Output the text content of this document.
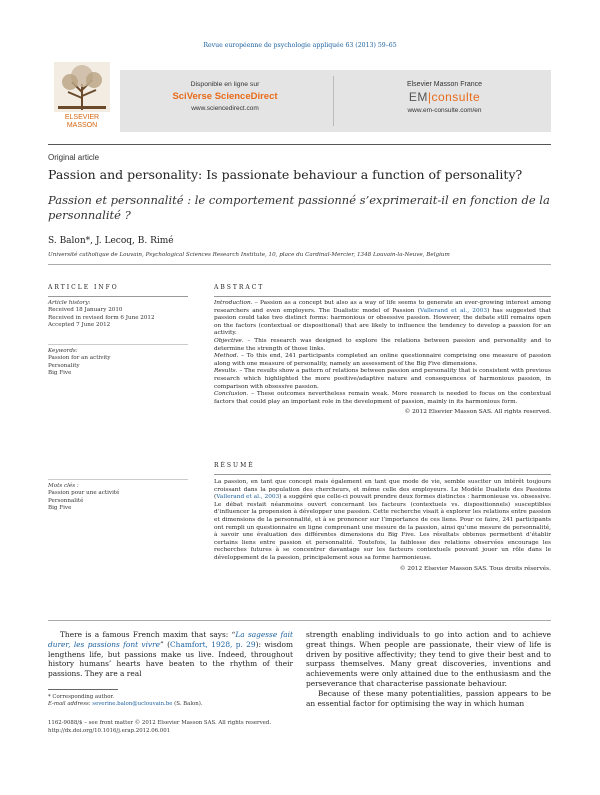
Revue européenne de psychologie appliquée 63 (2013) 59–65
ELSEVIER
MASSON
Disponible en ligne sur
SciVerse ScienceDirect
www.sciencedirect.com
Elsevier Masson France
EM|consulte
www.em-consulte.com/en
Original article
Passion and personality: Is passionate behaviour a function of personality?
Passion et personnalité : le comportement passionné s’exprimerait-il en fonction de la personnalité ?
S. Balon*, J. Lecoq, B. Rimé
Université catholique de Louvain, Psychological Sciences Research Institute, 10, place du Cardinal-Mercier, 1348 Louvain-la-Neuve, Belgium
ARTICLE INFO
Article history:
Received 18 January 2010
Received in revised form 6 June 2012
Accepted 7 June 2012
Keywords:
Passion for an activity
Personality
Big Five
Mots clés :
Passion pour une activité
Personnalité
Big Five
ABSTRACT
Introduction. – Passion as a concept but also as a way of life seems to generate an ever-growing interest among researchers and even employers. The Dualistic model of Passion (Vallerand et al., 2003) has suggested that passion could take two distinct forms: harmonious or obsessive passion. However, the debate still remains open on the factors (contextual or dispositional) that are likely to influence the tendency to develop a passion for an activity.
Objective. – This research was designed to explore the relations between passion and personality and to determine the strength of those links.
Method. – To this end, 241 participants completed an online questionnaire comprising one measure of passion along with one measure of personality, namely an assessment of the Big Five dimensions.
Results. – The results show a pattern of relations between passion and personality that is consistent with previous research which highlighted the more positive/adaptive nature and consequences of harmonious passion, in comparison with obsessive passion.
Conclusion. – These outcomes nevertheless remain weak. More research is needed to focus on the contextual factors that could play an important role in the development of passion, mainly in its harmonious form.
© 2012 Elsevier Masson SAS. All rights reserved.
RÉSUMÉ
La passion, en tant que concept mais également en tant que mode de vie, semble susciter un intérêt toujours croissant dans la population des chercheurs, et même celle des employeurs. Le Modèle Dualiste des Passions (Vallerand et al., 2003) a suggéré que celle-ci pouvait prendre deux formes distinctes : harmonieuse vs. obsessive. Le débat restait néanmoins ouvert concernant les facteurs (contextuels vs. dispositionnels) susceptibles d’influencer la propension à développer une passion. Cette recherche visait à explorer les relations entre passion et dimensions de la personnalité, et à se prononcer sur l’importance de ces liens. Pour ce faire, 241 participants ont rempli un questionnaire en ligne comprenant une mesure de la passion, ainsi qu’une mesure de personnalité, à savoir une évaluation des différentes dimensions du Big Five. Les résultats obtenus permettent d’établir certains liens entre passion et personnalité. Toutefois, la faiblesse des relations observées encourage les recherches futures à se concentrer davantage sur les facteurs contextuels pouvant jouer un rôle dans le développement de la passion, principalement sous sa forme harmonieuse.
© 2012 Elsevier Masson SAS. Tous droits réservés.
There is a famous French maxim that says: “La sagesse fait durer, les passions font vivre” (Chamfort, 1928, p. 29): wisdom lengthens life, but passions make us live. Indeed, throughout history humans’ hearts have beaten to the rhythm of their passions. They are a real
strength enabling individuals to go into action and to achieve great things. When people are passionate, their view of life is driven by positive affectivity; they tend to give their best and to surpass themselves. Many great discoveries, inventions and achievements were only attained due to the enthusiasm and the perseverance that characterise passionate behaviour.
Because of these many potentialities, passion appears to be an essential factor for optimising the way in which human
* Corresponding author.
E-mail address: severine.balon@uclouvain.be (S. Balon).
1162-9088/$ – see front matter © 2012 Elsevier Masson SAS. All rights reserved.
http://dx.doi.org/10.1016/j.erap.2012.06.001
